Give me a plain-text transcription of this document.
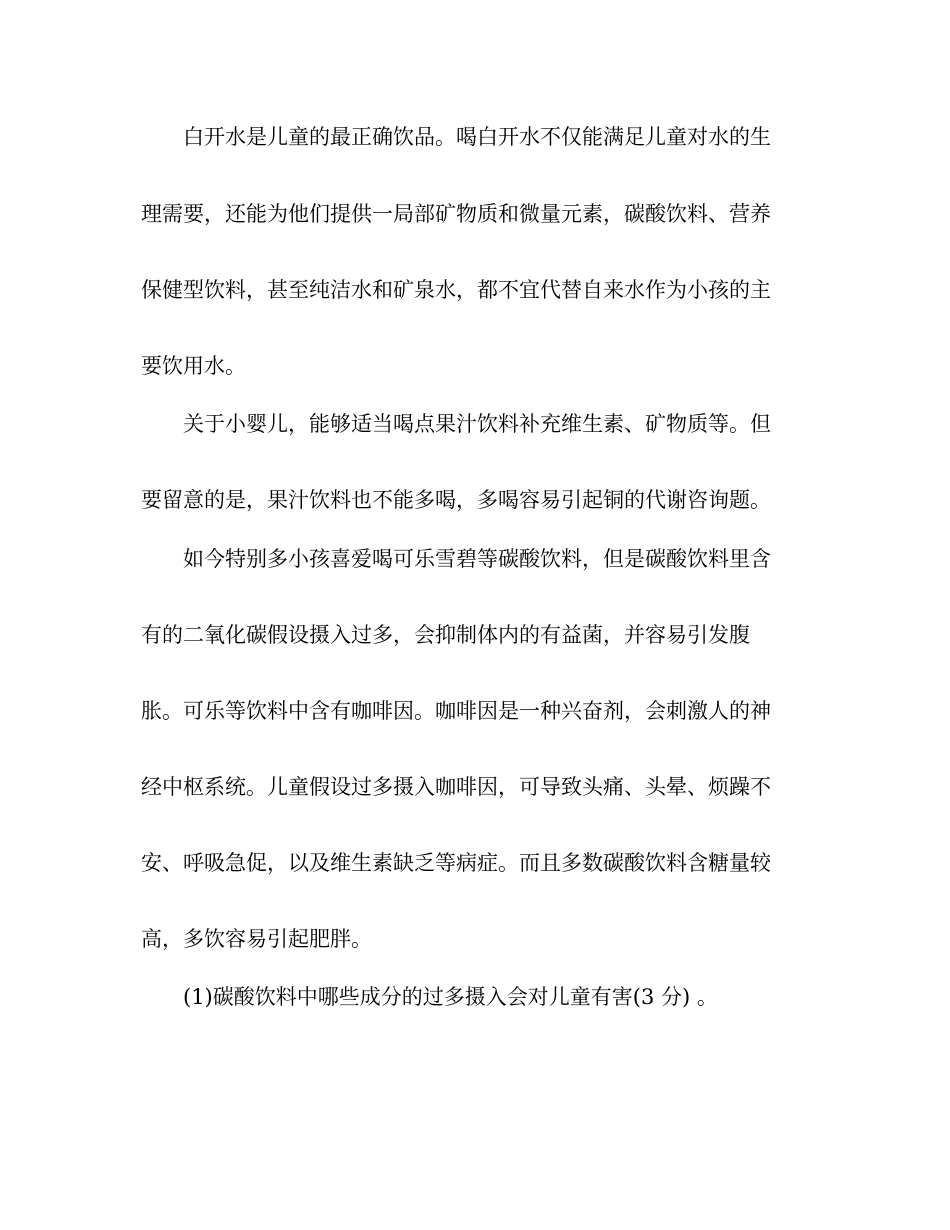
白开水是儿童的最正确饮品。喝白开水不仅能满足儿童对水的生
理需要，还能为他们提供一局部矿物质和微量元素，碳酸饮料、营养
保健型饮料，甚至纯洁水和矿泉水，都不宜代替自来水作为小孩的主
要饮用水。
关于小婴儿，能够适当喝点果汁饮料补充维生素、矿物质等。但
要留意的是，果汁饮料也不能多喝，多喝容易引起铜的代谢咨询题。
如今特别多小孩喜爱喝可乐雪碧等碳酸饮料，但是碳酸饮料里含
有的二氧化碳假设摄入过多，会抑制体内的有益菌，并容易引发腹
胀。可乐等饮料中含有咖啡因。咖啡因是一种兴奋剂，会刺激人的神
经中枢系统。儿童假设过多摄入咖啡因，可导致头痛、头晕、烦躁不
安、呼吸急促，以及维生素缺乏等病症。而且多数碳酸饮料含糖量较
高，多饮容易引起肥胖。
(1)碳酸饮料中哪些成分的过多摄入会对儿童有害(3 分) 。
